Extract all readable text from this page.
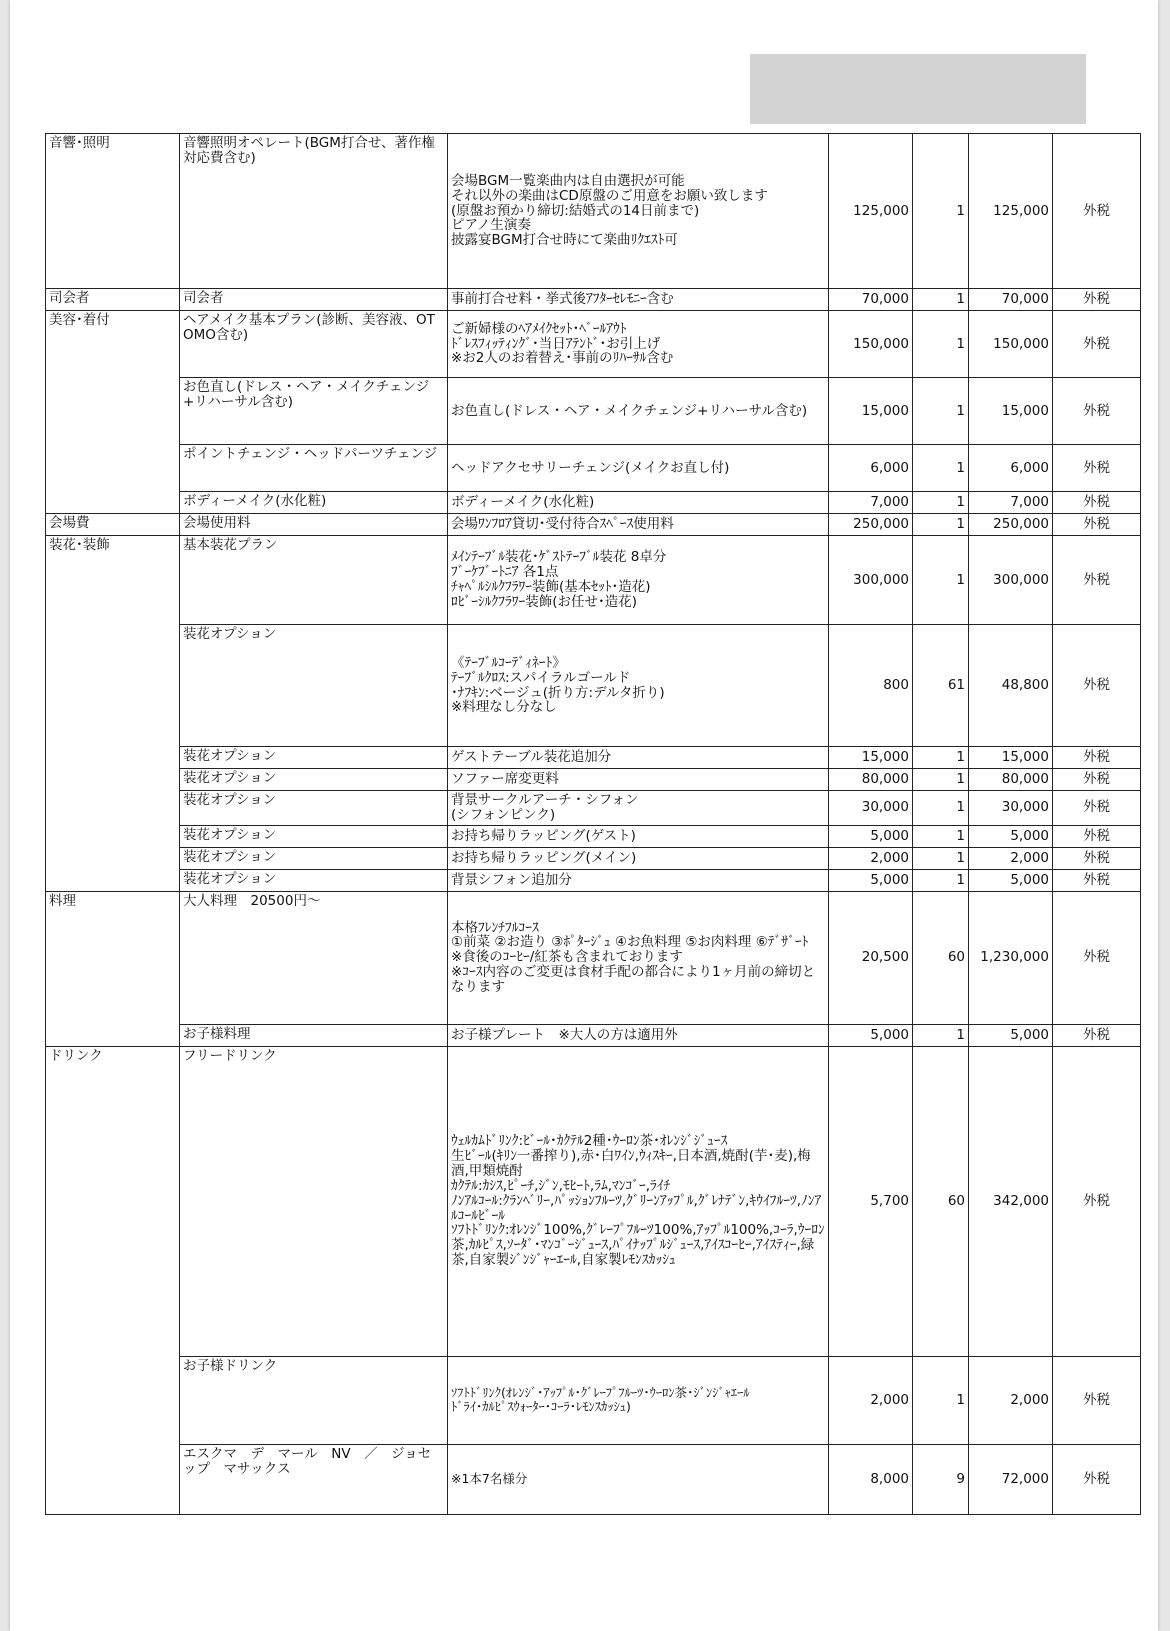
音響･照明	音響照明オペレート(BGM打合せ、著作権対応費含む)	会場BGM一覧楽曲内は自由選択が可能
それ以外の楽曲はCD原盤のご用意をお願い致します
(原盤お預かり締切:結婚式の14日前まで)
ピアノ生演奏
披露宴BGM打合せ時にて楽曲ﾘｸｴｽﾄ可	125,000	1	125,000	外税
司会者	司会者	事前打合せ料・挙式後ｱﾌﾀｰｾﾚﾓﾆｰ含む	70,000	1	70,000	外税
美容･着付	ヘアメイク基本プラン(診断、美容液、OTOMO含む)	ご新婦様のﾍｱﾒｲｸｾｯﾄ･ﾍﾞｰﾙｱｳﾄ
ﾄﾞﾚｽﾌｨｯﾃｨﾝｸﾞ･当日ｱﾃﾝﾄﾞ･お引上げ
※お2人のお着替え･事前のﾘﾊｰｻﾙ含む	150,000	1	150,000	外税
	お色直し(ドレス・ヘア・メイクチェンジ+リハーサル含む)	お色直し(ドレス・ヘア・メイクチェンジ+リハーサル含む)	15,000	1	15,000	外税
	ポイントチェンジ・ヘッドパーツチェンジ	ヘッドアクセサリーチェンジ(メイクお直し付)	6,000	1	6,000	外税
	ボディーメイク(水化粧)	ボディーメイク(水化粧)	7,000	1	7,000	外税
会場費	会場使用料	会場ﾜﾝﾌﾛｱ貸切･受付待合ｽﾍﾟｰｽ使用料	250,000	1	250,000	外税
装花･装飾	基本装花プラン	ﾒｲﾝﾃｰﾌﾞﾙ装花･ｹﾞｽﾄﾃｰﾌﾞﾙ装花 8卓分
ﾌﾞｰｹﾌﾞｰﾄﾆｱ 各1点
ﾁｬﾍﾟﾙｼﾙｸﾌﾗﾜｰ装飾(基本ｾｯﾄ･造花)
ﾛﾋﾞｰｼﾙｸﾌﾗﾜｰ装飾(お任せ･造花)	300,000	1	300,000	外税
	装花オプション	《ﾃｰﾌﾞﾙｺｰﾃﾞｨﾈｰﾄ》
ﾃｰﾌﾞﾙｸﾛｽ:スパイラルゴールド
･ﾅﾌｷﾝ:ベージュ(折り方:デルタ折り)
※料理なし分なし	800	61	48,800	外税
	装花オプション	ゲストテーブル装花追加分	15,000	1	15,000	外税
	装花オプション	ソファー席変更料	80,000	1	80,000	外税
	装花オプション	背景サークルアーチ・シフォン
(シフォンピンク)	30,000	1	30,000	外税
	装花オプション	お持ち帰りラッピング(ゲスト)	5,000	1	5,000	外税
	装花オプション	お持ち帰りラッピング(メイン)	2,000	1	2,000	外税
	装花オプション	背景シフォン追加分	5,000	1	5,000	外税
料理	大人料理　20500円～	本格ﾌﾚﾝﾁﾌﾙｺｰｽ
①前菜 ②お造り ③ﾎﾟﾀｰｼﾞｭ ④お魚料理 ⑤お肉料理 ⑥ﾃﾞｻﾞｰﾄ
※食後のｺｰﾋｰ/紅茶も含まれております
※ｺｰｽ内容のご変更は食材手配の都合により1ヶ月前の締切となります	20,500	60	1,230,000	外税
	お子様料理	お子様プレート　※大人の方は適用外	5,000	1	5,000	外税
ドリンク	フリードリンク	ｳｪﾙｶﾑﾄﾞﾘﾝｸ:ﾋﾞｰﾙ･ｶｸﾃﾙ2種･ｳｰﾛﾝ茶･ｵﾚﾝｼﾞｼﾞｭｰｽ
生ﾋﾞｰﾙ(ｷﾘﾝ一番搾り),赤･白ﾜｲﾝ,ｳｨｽｷｰ,日本酒,焼酎(芋･麦),梅酒,甲類焼酎
ｶｸﾃﾙ:ｶｼｽ,ﾋﾟｰﾁ,ｼﾞﾝ,ﾓﾋｰﾄ,ﾗﾑ,ﾏﾝｺﾞｰ,ﾗｲﾁ
ﾉﾝｱﾙｺｰﾙ:ｸﾗﾝﾍﾞﾘｰ,ﾊﾟｯｼｮﾝﾌﾙｰﾂ,ｸﾞﾘｰﾝｱｯﾌﾟﾙ,ｸﾞﾚﾅﾃﾞﾝ,ｷｳｲﾌﾙｰﾂ,ﾉﾝｱﾙｺｰﾙﾋﾞｰﾙ
ｿﾌﾄﾄﾞﾘﾝｸ:ｵﾚﾝｼﾞ100%,ｸﾞﾚｰﾌﾟﾌﾙｰﾂ100%,ｱｯﾌﾟﾙ100%,ｺｰﾗ,ｳｰﾛﾝ茶,ｶﾙﾋﾟｽ,ｿｰﾀﾞ･ﾏﾝｺﾞｰｼﾞｭｰｽ,ﾊﾟｲﾅｯﾌﾟﾙｼﾞｭｰｽ,ｱｲｽｺｰﾋｰ,ｱｲｽﾃｨｰ,緑茶,自家製ｼﾞﾝｼﾞｬｰｴｰﾙ,自家製ﾚﾓﾝｽｶｯｼｭ	5,700	60	342,000	外税
	お子様ドリンク	ｿﾌﾄﾄﾞﾘﾝｸ(ｵﾚﾝｼﾞ･ｱｯﾌﾟﾙ･ｸﾞﾚｰﾌﾟﾌﾙｰﾂ･ｳｰﾛﾝ茶･ｼﾞﾝｼﾞｬｴｰﾙ
ﾄﾞﾗｲ･ｶﾙﾋﾟｽｳｫｰﾀｰ･ｺｰﾗ･ﾚﾓﾝｽｶｯｼｭ)	2,000	1	2,000	外税
	エスクマ　デ　マール　NV　／　ジョセップ　マサックス	※1本7名様分	8,000	9	72,000	外税
